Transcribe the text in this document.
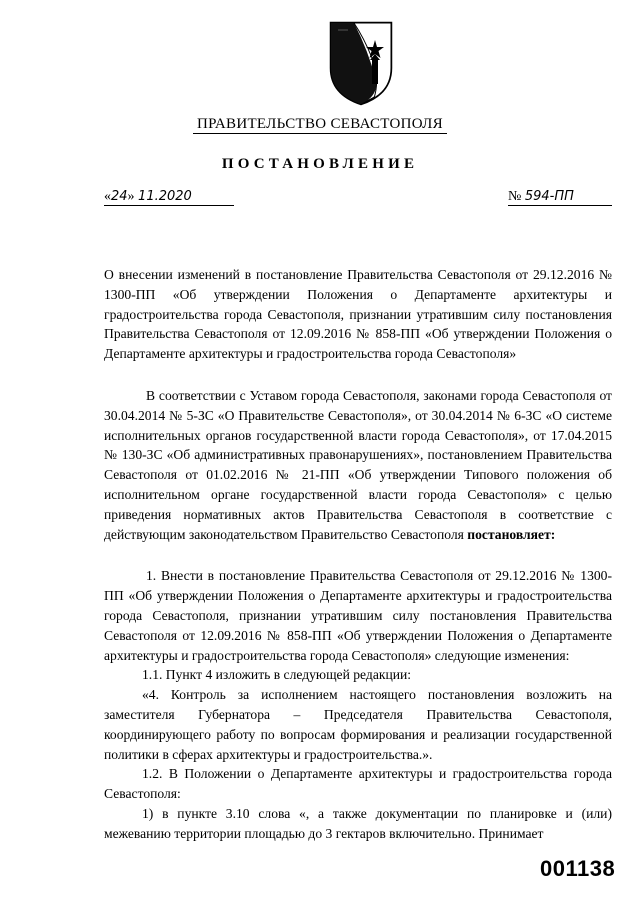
ПРАВИТЕЛЬСТВО СЕВАСТОПОЛЯ
ПОСТАНОВЛЕНИЕ
«24» 11.2020	№ 594-ПП

О внесении изменений в постановление Правительства Севастополя от 29.12.2016 № 1300-ПП «Об утверждении Положения о Департаменте архитектуры и градостроительства города Севастополя, признании утратившим силу постановления Правительства Севастополя от 12.09.2016 № 858-ПП «Об утверждении Положения о Департаменте архитектуры и градостроительства города Севастополя»

В соответствии с Уставом города Севастополя, законами города Севастополя от 30.04.2014 № 5-ЗС «О Правительстве Севастополя», от 30.04.2014 № 6-ЗС «О системе исполнительных органов государственной власти города Севастополя», от 17.04.2015 № 130-ЗС «Об административных правонарушениях», постановлением Правительства Севастополя от 01.02.2016 № 21-ПП «Об утверждении Типового положения об исполнительном органе государственной власти города Севастополя» с целью приведения нормативных актов Правительства Севастополя в соответствие с действующим законодательством Правительство Севастополя постановляет:

1. Внести в постановление Правительства Севастополя от 29.12.2016 № 1300-ПП «Об утверждении Положения о Департаменте архитектуры и градостроительства города Севастополя, признании утратившим силу постановления Правительства Севастополя от 12.09.2016 № 858-ПП «Об утверждении Положения о Департаменте архитектуры и градостроительства города Севастополя» следующие изменения:

1.1. Пункт 4 изложить в следующей редакции:

«4. Контроль за исполнением настоящего постановления возложить на заместителя Губернатора – Председателя Правительства Севастополя, координирующего работу по вопросам формирования и реализации государственной политики в сферах архитектуры и градостроительства.».

1.2. В Положении о Департаменте архитектуры и градостроительства города Севастополя:

1) в пункте 3.10 слова «, а также документации по планировке и (или) межеванию территории площадью до 3 гектаров включительно. Принимает

001138
